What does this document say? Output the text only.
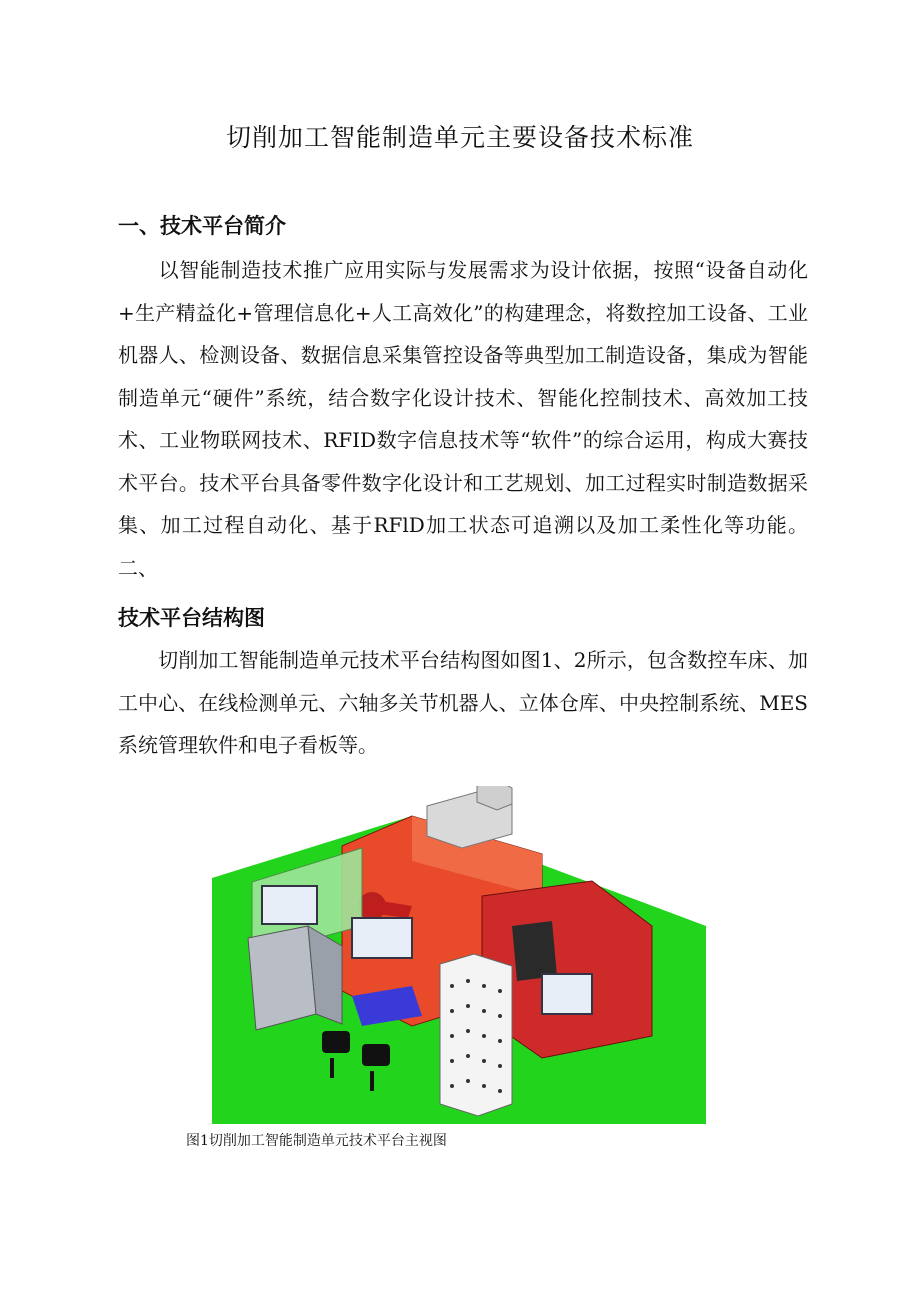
切削加工智能制造单元主要设备技术标准
一、技术平台简介

以智能制造技术推广应用实际与发展需求为设计依据，按照“设备自动化+生产精益化+管理信息化+人工高效化”的构建理念，将数控加工设备、工业机器人、检测设备、数据信息采集管控设备等典型加工制造设备，集成为智能制造单元“硬件”系统，结合数字化设计技术、智能化控制技术、高效加工技术、工业物联网技术、RFID数字信息技术等“软件”的综合运用，构成大赛技术平台。技术平台具备零件数字化设计和工艺规划、加工过程实时制造数据采集、加工过程自动化、基于RFlD加工状态可追溯以及加工柔性化等功能。二、

技术平台结构图

切削加工智能制造单元技术平台结构图如图1、2所示，包含数控车床、加工中心、在线检测单元、六轴多关节机器人、立体仓库、中央控制系统、MES系统管理软件和电子看板等。

图1切削加工智能制造单元技术平台主视图
